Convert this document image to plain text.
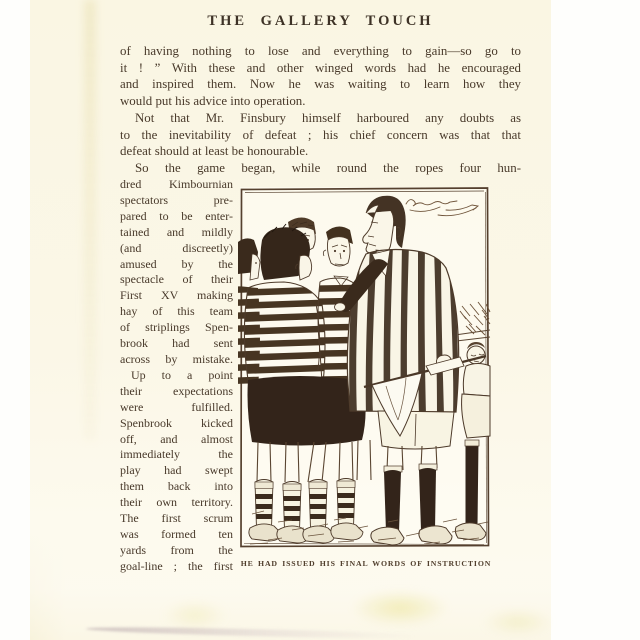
THE GALLERY TOUCH
of having nothing to lose and everything to gain—so go to
it ! ” With these and other winged words had he encouraged
and inspired them. Now he was waiting to learn how they
would put his advice into operation.
Not that Mr. Finsbury himself harboured any doubts as
to the inevitability of defeat ; his chief concern was that that
defeat should at least be honourable.
So the game began, while round the ropes four hun-
dred Kimbournian
spectators pre-
pared to be enter-
tained and mildly
(and discreetly)
amused by the
spectacle of their
First XV making
hay of this team
of striplings Spen-
brook had sent
across by mistake.
Up to a point
their expectations
were fulfilled.
Spenbrook kicked
off, and almost
immediately the
play had swept
them back into
their own territory.
The first scrum
was formed ten
yards from the
goal-line ; the first HE HAD ISSUED HIS FINAL WORDS OF INSTRUCTION
